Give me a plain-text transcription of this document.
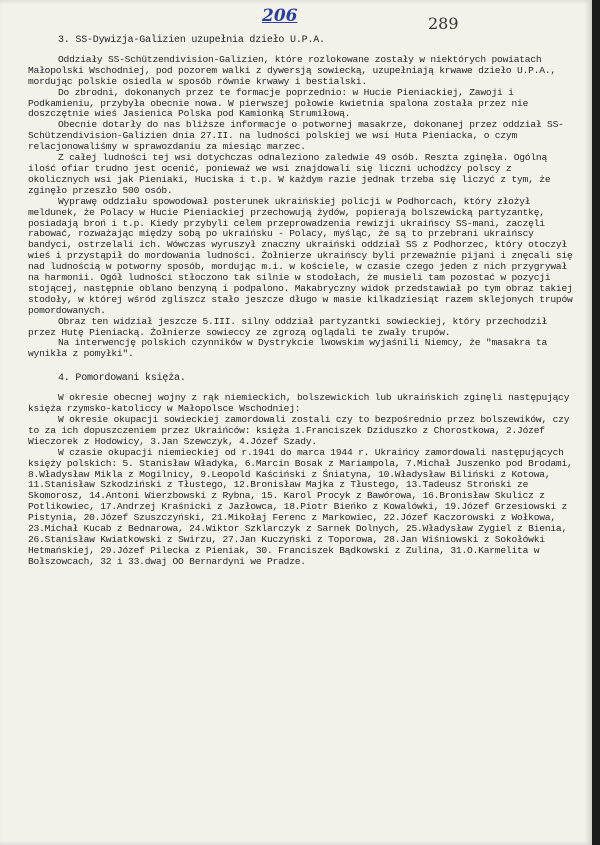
206	289

3. SS-Dywizja-Galizien uzupełnia dzieło U.P.A.

Oddziały SS-Schützendivision-Galizien, które rozlokowane zostały w niektórych powiatach Małopolski Wschodniej, pod pozorem walki z dywersją sowiecką, uzupełniają krwawe dzieło U.P.A., mordując polskie osiedla w sposób równie krwawy i bestialski.

Do zbrodni, dokonanych przez te formacje poprzednio: w Hucie Pieniackiej, Zawoji i Podkamieniu, przybyła obecnie nowa. W pierwszej połowie kwietnia spalona została przez nie doszczętnie wieś Jasienica Polska pod Kamionką Strumiłową.

Obecnie dotarły do nas bliższe informacje o potwornej masakrze, dokonanej przez oddział SS-Schützendivision-Galizien dnia 27.II. na ludności polskiej we wsi Huta Pieniacka, o czym relacjonowaliśmy w sprawozdaniu za miesiąc marzec.

Z całej ludności tej wsi dotychczas odnaleziono zaledwie 49 osób. Reszta zginęła. Ogólną ilość ofiar trudno jest ocenić, ponieważ we wsi znajdowali się liczni uchodźcy polscy z okolicznych wsi jak Pieniaki, Huciska i t.p. W każdym razie jednak trzeba się liczyć z tym, że zginęło przeszło 500 osób.

Wyprawę oddziału spowodował posterunek ukraińskiej policji w Podhorcach, który złożył meldunek, że Polacy w Hucie Pieniackiej przechowują żydów, popierają bolszewicką partyzantkę, posiadają broń i t.p. Kiedy przybyli celem przeprowadzenia rewizji ukraińscy SS-mani, zaczęli rabować, rozważając między sobą po ukraińsku - Polacy, myśląc, że są to przebrani ukraińscy bandyci, ostrzelali ich. Wówczas wyruszył znaczny ukraiński oddział SS z Podhorzec, który otoczył wieś i przystąpił do mordowania ludności. Żołnierze ukraińscy byli przeważnie pijani i znęcali się nad ludnością w potworny sposób, mordując m.i. w kościele, w czasie czego jeden z nich przygrywał na harmonii. Ogół ludności stłoczono tak silnie w stodołach, że musieli tam pozostać w pozycji stojącej, następnie oblano benzyną i podpalono. Makabryczny widok przedstawiał po tym obraz takiej stodoły, w której wśród zgliszcz stało jeszcze długo w masie kilkadziesiąt razem sklejonych trupów pomordowanych.

Obraz ten widział jeszcze 5.III. silny oddział partyzantki sowieckiej, który przechodził przez Hutę Pieniacką. Żołnierze sowieccy ze zgrozą oglądali te zwały trupów.

Na interwencję polskich czynników w Dystrykcie lwowskim wyjaśnili Niemcy, że "masakra ta wynikła z pomyłki".

4. Pomordowani księża.

W okresie obecnej wojny z rąk niemieckich, bolszewickich lub ukraińskich zginęli następujący księża rzymsko-katoliccy w Małopolsce Wschodniej:

W okresie okupacji sowieckiej zamordowali zostali czy to bezpośrednio przez bolszewików, czy to za ich dopuszczeniem przez Ukraińców: księża 1.Franciszek Dziduszko z Chorostkowa, 2.Józef Wieczorek z Hodowicy, 3.Jan Szewczyk, 4.Józef Szady.

W czasie okupacji niemieckiej od r.1941 do marca 1944 r. Ukraińcy zamordowali następujących księży polskich: 5. Stanisław Władyka, 6.Marcin Bosak z Mariampola, 7.Michał Juszenko pod Brodami, 8.Władysław Mikla z Mogilnicy, 9.Leopold Kaściński z Śniatyna, 10.Władysław Biliński z Kotowa, 11.Stanisław Szkodziński z Tłustego, 12.Bronisław Majka z Tłustego, 13.Tadeusz Stroński ze Skomorosz, 14.Antoni Wierzbowski z Rybna, 15. Karol Procyk z Bawórowa, 16.Bronisław Skulicz z Potlikowiec, 17.Andrzej Kraśnicki z Jazłowca, 18.Piotr Bieńko z Kowalówki, 19.Józef Grzesiowski z Pistynia, 20.Józef Szuszczyński, 21.Mikołaj Ferenc z Markowiec, 22.Józef Kaczorowski z Wołkowa, 23.Michał Kucab z Bednarowa, 24.Wiktor Szklarczyk z Sarnek Dolnych, 25.Władysław Zygiel z Bienia, 26.Stanisław Kwiatkowski z Swirzu, 27.Jan Kuczyński z Toporowa, 28.Jan Wiśniowski z Sokołówki Hetmańskiej, 29.Józef Pilecka z Pieniak, 30. Franciszek Bądkowski z Zulina, 31.O.Karmelita w Bołszowcach, 32 i 33.dwaj OO Bernardyni we Pradze.
